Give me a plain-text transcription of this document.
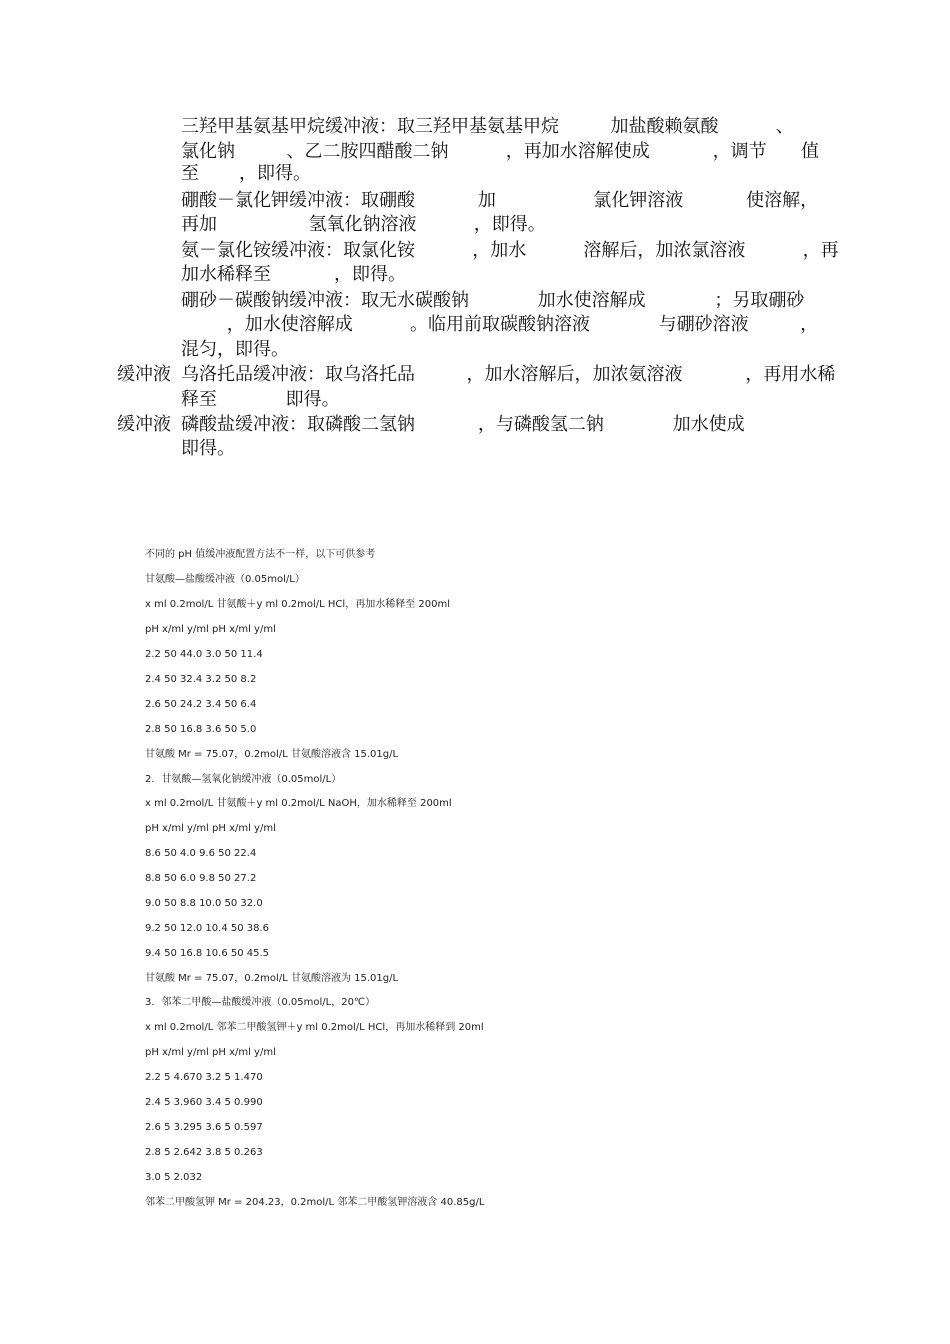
三羟甲基氨基甲烷缓冲液：取三羟甲基氨基甲烷         加盐酸赖氨酸          、
氯化钠         、乙二胺四醋酸二钠          ，再加水溶解使成           ，调节      值
至       ，即得。
硼酸－氯化钾缓冲液：取硼酸           加                 氯化钾溶液           使溶解，
再加                氢氧化钠溶液          ，即得。
氨－氯化铵缓冲液：取氯化铵          ，加水          溶解后，加浓氯溶液          ，再
加水稀释至           ，即得。
硼砂－碳酸钠缓冲液：取无水碳酸钠            加水使溶解成            ；另取硼砂
，加水使溶解成          。临用前取碳酸钠溶液            与硼砂溶液         ，
混匀，即得。
缓冲液 乌洛托品缓冲液：取乌洛托品         ，加水溶解后，加浓氨溶液           ，再用水稀
释至            即得。
缓冲液 磷酸盐缓冲液：取磷酸二氢钠           ，与磷酸氢二钠            加水使成
即得。
不同的 pH 值缓冲液配置方法不一样，以下可供参考
甘氨酸—盐酸缓冲液（0.05mol/L）
x ml 0.2mol/L 甘氨酸＋y ml 0.2mol/L HCl，再加水稀释至 200ml
pH x/ml y/ml pH x/ml y/ml
2.2 50 44.0 3.0 50 11.4
2.4 50 32.4 3.2 50 8.2
2.6 50 24.2 3.4 50 6.4
2.8 50 16.8 3.6 50 5.0
甘氨酸 Mr = 75.07，0.2mol/L 甘氨酸溶液含 15.01g/L
2．甘氨酸—氢氧化钠缓冲液（0.05mol/L）
x ml 0.2mol/L 甘氨酸＋y ml 0.2mol/L NaOH，加水稀释至 200ml
pH x/ml y/ml pH x/ml y/ml
8.6 50 4.0 9.6 50 22.4
8.8 50 6.0 9.8 50 27.2
9.0 50 8.8 10.0 50 32.0
9.2 50 12.0 10.4 50 38.6
9.4 50 16.8 10.6 50 45.5
甘氨酸 Mr = 75.07，0.2mol/L 甘氨酸溶液为 15.01g/L
3．邻苯二甲酸—盐酸缓冲液（0.05mol/L，20℃）
x ml 0.2mol/L 邻苯二甲酸氢钾＋y ml 0.2mol/L HCl，再加水稀释到 20ml
pH x/ml y/ml pH x/ml y/ml
2.2 5 4.670 3.2 5 1.470
2.4 5 3.960 3.4 5 0.990
2.6 5 3.295 3.6 5 0.597
2.8 5 2.642 3.8 5 0.263
3.0 5 2.032
邻苯二甲酸氢钾 Mr = 204.23，0.2mol/L 邻苯二甲酸氢钾溶液含 40.85g/L
